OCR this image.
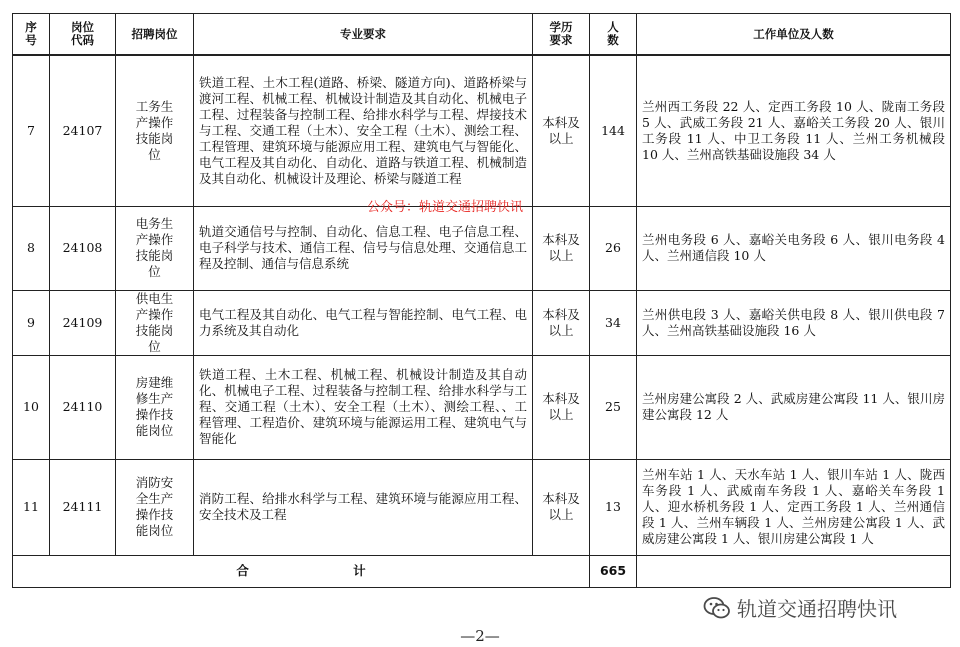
序号	岗位代码	招聘岗位	专业要求	学历要求	人数	工作单位及人数
7	24107	工务生产操作技能岗位	铁道工程、土木工程(道路、桥梁、隧道方向)、道路桥梁与渡河工程、机械工程、机械设计制造及其自动化、机械电子工程、过程装备与控制工程、给排水科学与工程、焊接技术与工程、交通工程（土木）、安全工程（土木）、测绘工程、工程管理、建筑环境与能源应用工程、建筑电气与智能化、电气工程及其自动化、自动化、道路与铁道工程、机械制造及其自动化、机械设计及理论、桥梁与隧道工程	本科及以上	144	兰州西工务段 22 人、定西工务段 10 人、陇南工务段 5 人、武威工务段 21 人、嘉峪关工务段 20 人、银川工务段 11 人、中卫工务段 11 人、兰州工务机械段 10 人、兰州高铁基础设施段 34 人
8	24108	电务生产操作技能岗位	轨道交通信号与控制、自动化、信息工程、电子信息工程、电子科学与技术、通信工程、信号与信息处理、交通信息工程及控制、通信与信息系统	本科及以上	26	兰州电务段 6 人、嘉峪关电务段 6 人、银川电务段 4 人、兰州通信段 10 人
9	24109	供电生产操作技能岗位	电气工程及其自动化、电气工程与智能控制、电气工程、电力系统及其自动化	本科及以上	34	兰州供电段 3 人、嘉峪关供电段 8 人、银川供电段 7 人、兰州高铁基础设施段 16 人
10	24110	房建维修生产操作技能岗位	铁道工程、土木工程、机械工程、机械设计制造及其自动化、机械电子工程、过程装备与控制工程、给排水科学与工程、交通工程（土木）、安全工程（土木）、测绘工程、、工程管理、工程造价、建筑环境与能源运用工程、建筑电气与智能化	本科及以上	25	兰州房建公寓段 2 人、武威房建公寓段 11 人、银川房建公寓段 12 人
11	24111	消防安全生产操作技能岗位	消防工程、给排水科学与工程、建筑环境与能源应用工程、安全技术及工程	本科及以上	13	兰州车站 1 人、天水车站 1 人、银川车站 1 人、陇西车务段 1 人、武威南车务段 1 人、嘉峪关车务段 1 人、迎水桥机务段 1 人、定西工务段 1 人、兰州通信段 1 人、兰州车辆段 1 人、兰州房建公寓段 1 人、武威房建公寓段 1 人、银川房建公寓段 1 人
合 计					665	
公众号：轨道交通招聘快讯
轨道交通招聘快讯
—2—
